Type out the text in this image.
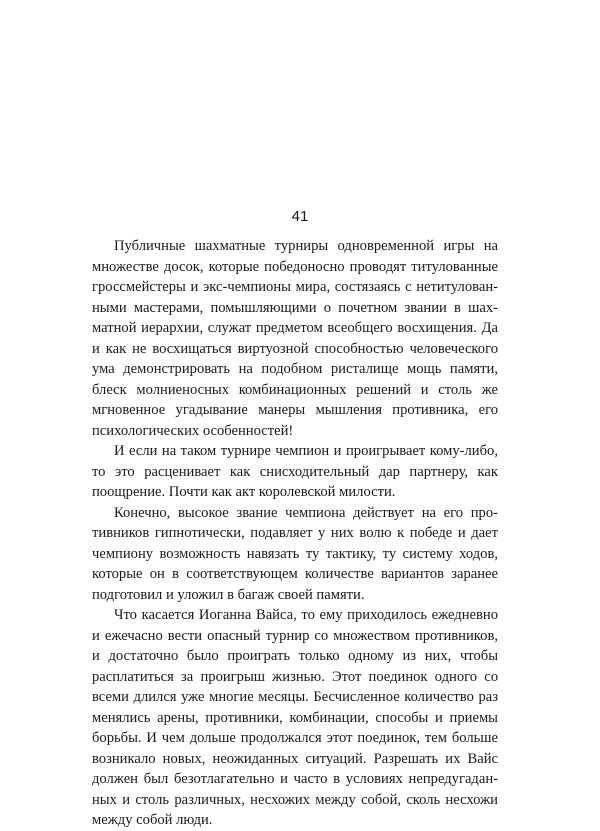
41

Публичные шахматные турниры одновременной игры на
множестве досок, которые победоносно проводят титулованные
гроссмейстеры и экс-чемпионы мира, состязаясь с нетитулован-
ными мастерами, помышляющими о почетном звании в шах-
матной иерархии, служат предметом всеобщего восхищения. Да
и как не восхищаться виртуозной способностью человеческого
ума демонстрировать на подобном ристалище мощь памяти,
блеск молниеносных комбинационных решений и столь же
мгновенное угадывание манеры мышления противника, его
психологических особенностей!

И если на таком турнире чемпион и проигрывает кому-либо,
то это расценивает как снисходительный дар партнеру, как
поощрение. Почти как акт королевской милости.

Конечно, высокое звание чемпиона действует на его про-
тивников гипнотически, подавляет у них волю к победе и дает
чемпиону возможность навязать ту тактику, ту систему ходов,
которые он в соответствующем количестве вариантов заранее
подготовил и уложил в багаж своей памяти.

Что касается Иоганна Вайса, то ему приходилось ежедневно
и ежечасно вести опасный турнир со множеством противников,
и достаточно было проиграть только одному из них, чтобы
расплатиться за проигрыш жизнью. Этот поединок одного со
всеми длился уже многие месяцы. Бесчисленное количество раз
менялись арены, противники, комбинации, способы и приемы
борьбы. И чем дольше продолжался этот поединок, тем больше
возникало новых, неожиданных ситуаций. Разрешать их Вайс
должен был безотлагательно и часто в условиях непредугадан-
ных и столь различных, несхожих между собой, сколь несхожи
между собой люди.
